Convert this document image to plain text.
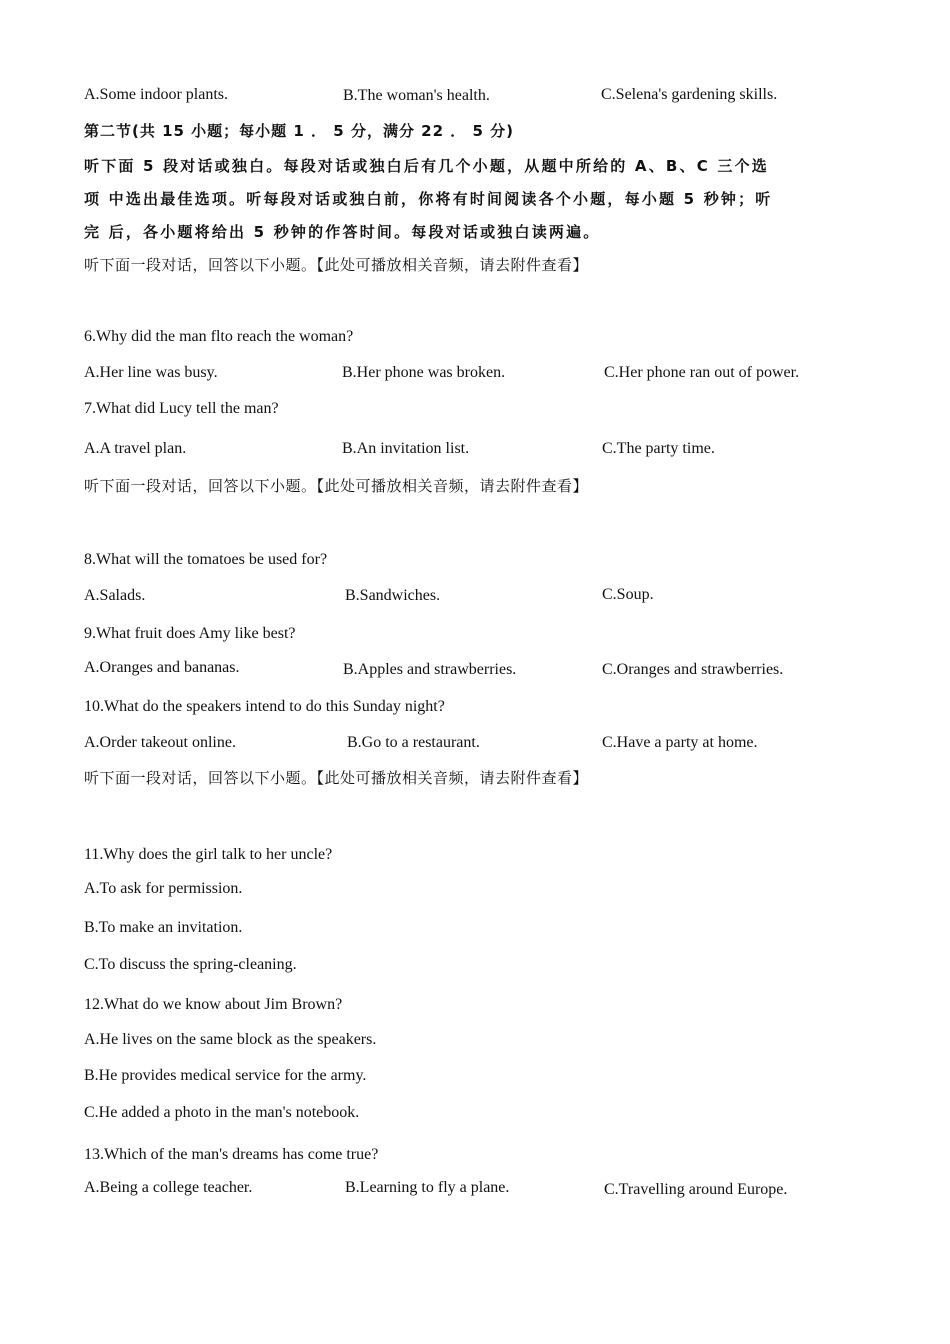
A.Some indoor plants.	B.The woman's health.	C.Selena's gardening skills.
第二节(共 15 小题；每小题 1 ． 5 分，满分 22 ． 5 分)
听下面 5 段对话或独白。每段对话或独白后有几个小题，从题中所给的 A、B、C 三个选
项 中选出最佳选项。听每段对话或独白前，你将有时间阅读各个小题，每小题 5 秒钟；听
完 后，各小题将给出 5 秒钟的作答时间。每段对话或独白读两遍。
听下面一段对话，回答以下小题。【此处可播放相关音频，请去附件查看】
6.Why did the man flto reach the woman?
A.Her line was busy.	B.Her phone was broken.	C.Her phone ran out of power.
7.What did Lucy tell the man?
A.A travel plan.	B.An invitation list.	C.The party time.
听下面一段对话，回答以下小题。【此处可播放相关音频，请去附件查看】
8.What will the tomatoes be used for?
A.Salads.	B.Sandwiches.	C.Soup.
9.What fruit does Amy like best?
A.Oranges and bananas.	B.Apples and strawberries.	C.Oranges and strawberries.
10.What do the speakers intend to do this Sunday night?
A.Order takeout online.	B.Go to a restaurant.	C.Have a party at home.
听下面一段对话，回答以下小题。【此处可播放相关音频，请去附件查看】
11.Why does the girl talk to her uncle?
A.To ask for permission.
B.To make an invitation.
C.To discuss the spring-cleaning.
12.What do we know about Jim Brown?
A.He lives on the same block as the speakers.
B.He provides medical service for the army.
C.He added a photo in the man's notebook.
13.Which of the man's dreams has come true?
A.Being a college teacher.	B.Learning to fly a plane.	C.Travelling around Europe.
